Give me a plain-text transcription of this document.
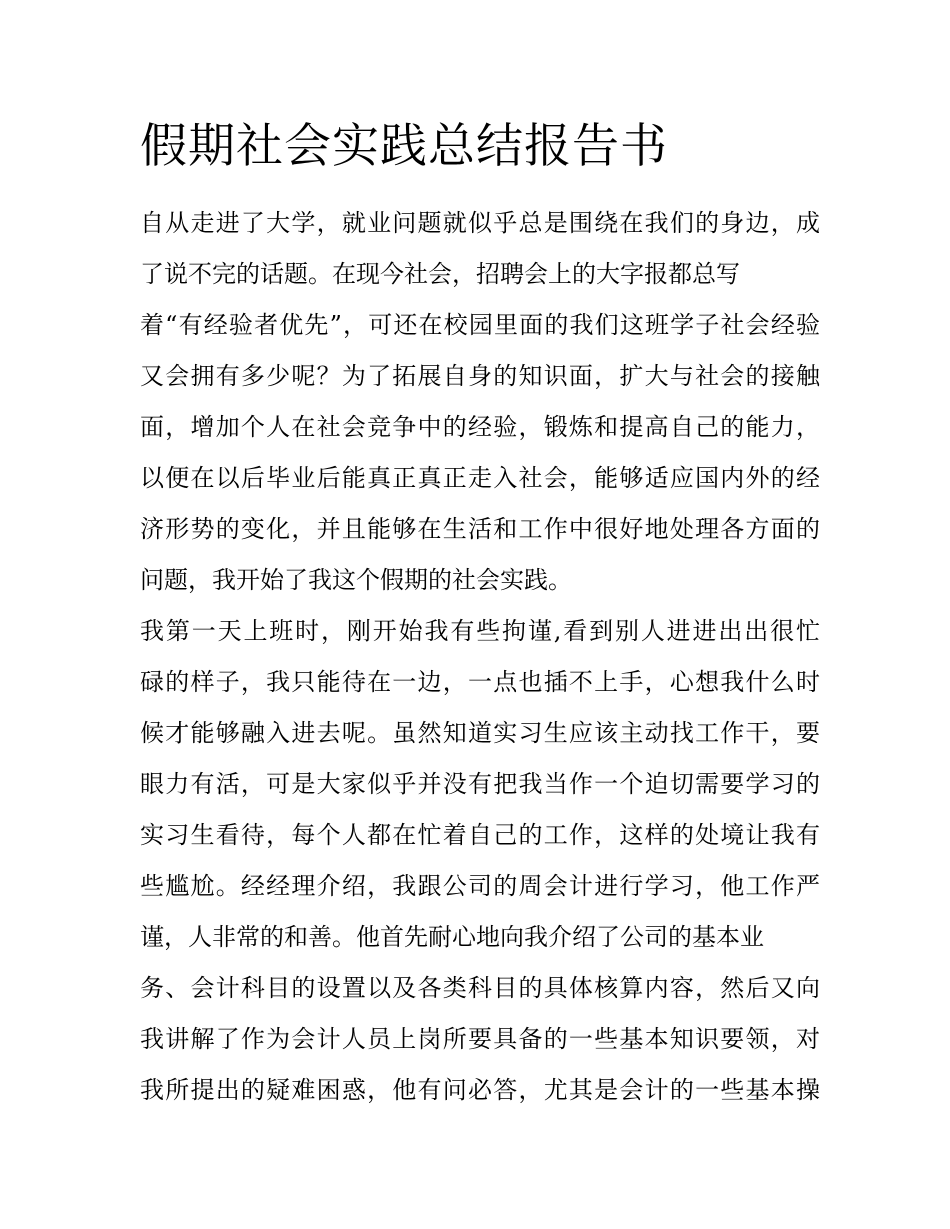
假期社会实践总结报告书
自从走进了大学，就业问题就似乎总是围绕在我们的身边，成
了说不完的话题。在现今社会，招聘会上的大字报都总写
着“有经验者优先”，可还在校园里面的我们这班学子社会经验
又会拥有多少呢？为了拓展自身的知识面，扩大与社会的接触
面，增加个人在社会竞争中的经验，锻炼和提高自己的能力，
以便在以后毕业后能真正真正走入社会，能够适应国内外的经
济形势的变化，并且能够在生活和工作中很好地处理各方面的
问题，我开始了我这个假期的社会实践。
我第一天上班时，刚开始我有些拘谨,看到别人进进出出很忙
碌的样子，我只能待在一边，一点也插不上手，心想我什么时
候才能够融入进去呢。虽然知道实习生应该主动找工作干，要
眼力有活，可是大家似乎并没有把我当作一个迫切需要学习的
实习生看待，每个人都在忙着自己的工作，这样的处境让我有
些尴尬。经经理介绍，我跟公司的周会计进行学习，他工作严
谨，人非常的和善。他首先耐心地向我介绍了公司的基本业
务、会计科目的设置以及各类科目的具体核算内容，然后又向
我讲解了作为会计人员上岗所要具备的一些基本知识要领，对
我所提出的疑难困惑，他有问必答，尤其是会计的一些基本操
